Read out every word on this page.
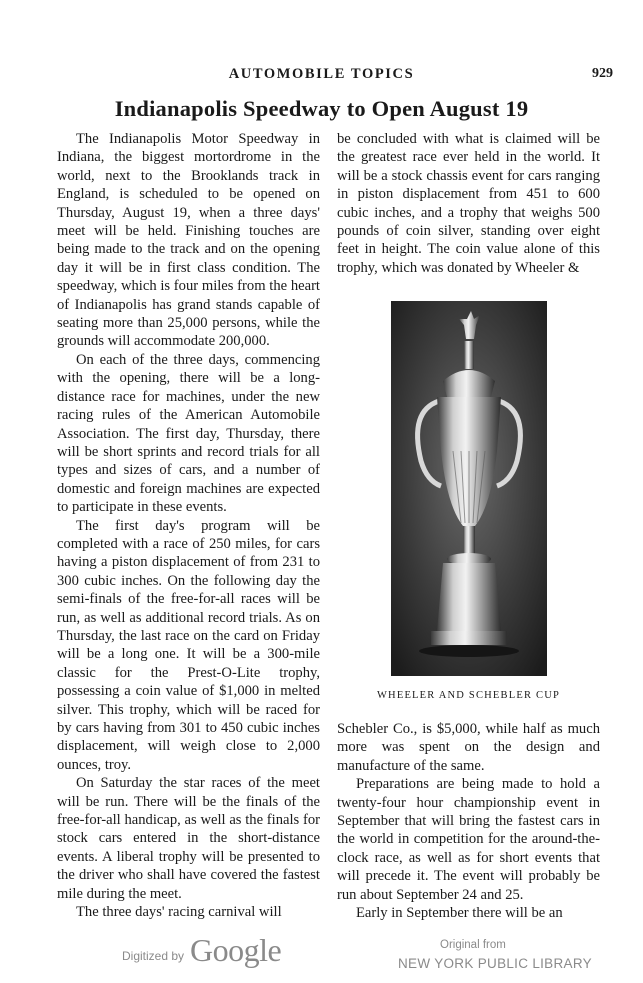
AUTOMOBILE TOPICS	929
Indianapolis Speedway to Open August 19

The Indianapolis Motor Speedway in Indiana, the biggest mortordrome in the world, next to the Brooklands track in England, is scheduled to be opened on Thursday, August 19, when a three days' meet will be held. Finishing touches are being made to the track and on the opening day it will be in first class condition. The speedway, which is four miles from the heart of Indianapolis has grand stands capable of seating more than 25,000 persons, while the grounds will accommodate 200,000.

On each of the three days, commencing with the opening, there will be a long-distance race for machines, under the new racing rules of the American Automobile Association. The first day, Thursday, there will be short sprints and record trials for all types and sizes of cars, and a number of domestic and foreign machines are expected to participate in these events.

The first day's program will be completed with a race of 250 miles, for cars having a piston displacement of from 231 to 300 cubic inches. On the following day the semi-finals of the free-for-all races will be run, as well as additional record trials. As on Thursday, the last race on the card on Friday will be a long one. It will be a 300-mile classic for the Prest-O-Lite trophy, possessing a coin value of $1,000 in melted silver. This trophy, which will be raced for by cars having from 301 to 450 cubic inches displacement, will weigh close to 2,000 ounces, troy.

On Saturday the star races of the meet will be run. There will be the finals of the free-for-all handicap, as well as the finals for stock cars entered in the short-distance events. A liberal trophy will be presented to the driver who shall have covered the fastest mile during the meet.

The three days' racing carnival will

be concluded with what is claimed will be the greatest race ever held in the world. It will be a stock chassis event for cars ranging in piston displacement from 451 to 600 cubic inches, and a trophy that weighs 500 pounds of coin silver, standing over eight feet in height. The coin value alone of this trophy, which was donated by Wheeler &

WHEELER AND SCHEBLER CUP

Schebler Co., is $5,000, while half as much more was spent on the design and manufacture of the same.

Preparations are being made to hold a twenty-four hour championship event in September that will bring the fastest cars in the world in competition for the around-the-clock race, as well as for short events that will precede it. The event will probably be run about September 24 and 25.

Early in September there will be an

Digitized by Google	Original from
NEW YORK PUBLIC LIBRARY
